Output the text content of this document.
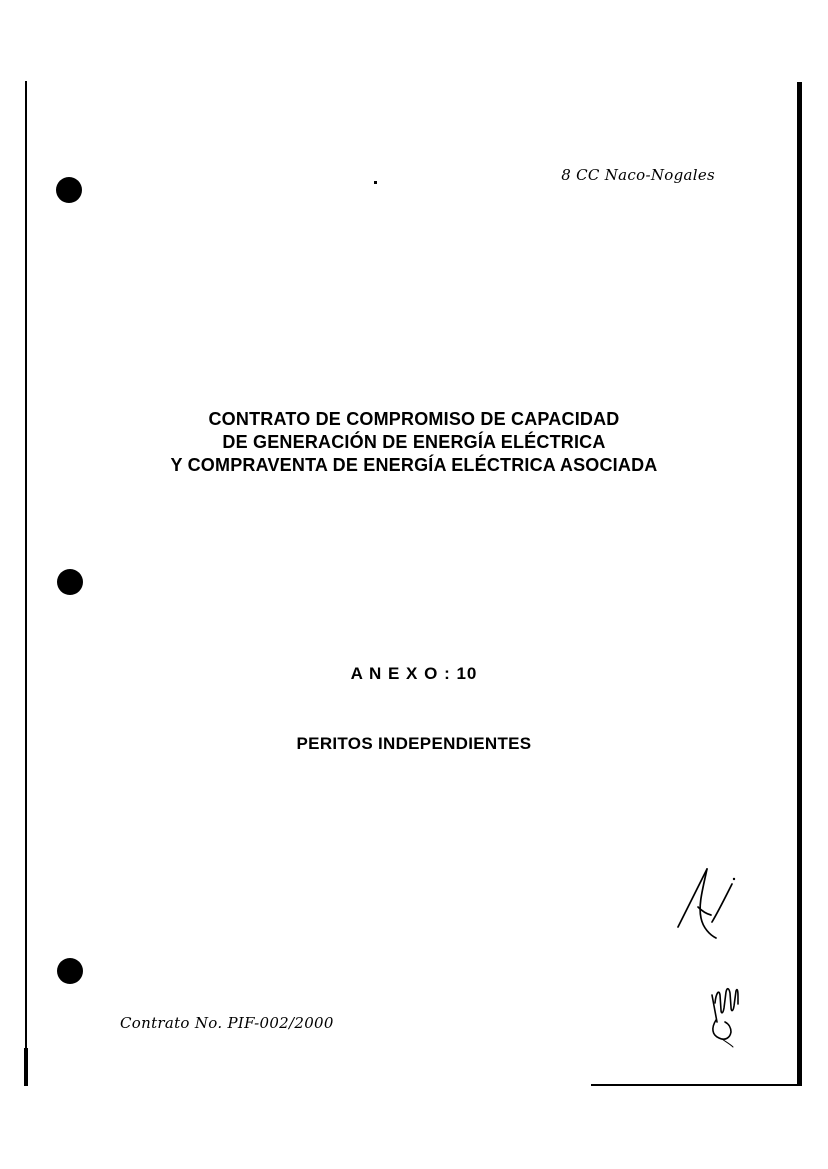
8 CC Naco-Nogales
CONTRATO DE COMPROMISO DE CAPACIDAD
DE GENERACIÓN DE ENERGÍA ELÉCTRICA
Y COMPRAVENTA DE ENERGÍA ELÉCTRICA ASOCIADA
A N E X O : 10
PERITOS INDEPENDIENTES
Contrato No. PIF-002/2000
